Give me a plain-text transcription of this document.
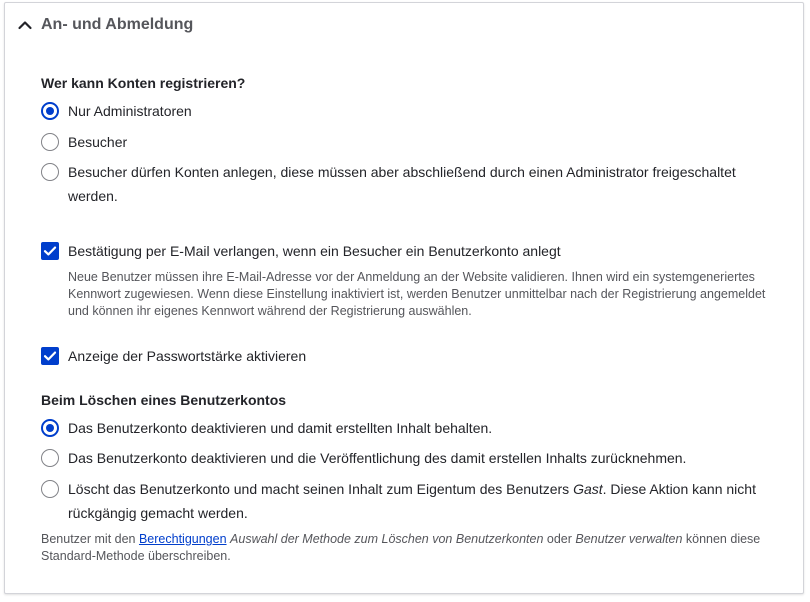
An- und Abmeldung
Wer kann Konten registrieren?
Nur Administratoren
Besucher
Besucher dürfen Konten anlegen, diese müssen aber abschließend durch einen Administrator freigeschaltet werden.
Bestätigung per E-Mail verlangen, wenn ein Besucher ein Benutzerkonto anlegt
Neue Benutzer müssen ihre E-Mail-Adresse vor der Anmeldung an der Website validieren. Ihnen wird ein systemgeneriertes Kennwort zugewiesen. Wenn diese Einstellung inaktiviert ist, werden Benutzer unmittelbar nach der Registrierung angemeldet und können ihr eigenes Kennwort während der Registrierung auswählen.
Anzeige der Passwortstärke aktivieren
Beim Löschen eines Benutzerkontos
Das Benutzerkonto deaktivieren und damit erstellten Inhalt behalten.
Das Benutzerkonto deaktivieren und die Veröffentlichung des damit erstellen Inhalts zurücknehmen.
Löscht das Benutzerkonto und macht seinen Inhalt zum Eigentum des Benutzers Gast. Diese Aktion kann nicht rückgängig gemacht werden.
Benutzer mit den Berechtigungen Auswahl der Methode zum Löschen von Benutzerkonten oder Benutzer verwalten können diese Standard-Methode überschreiben.
